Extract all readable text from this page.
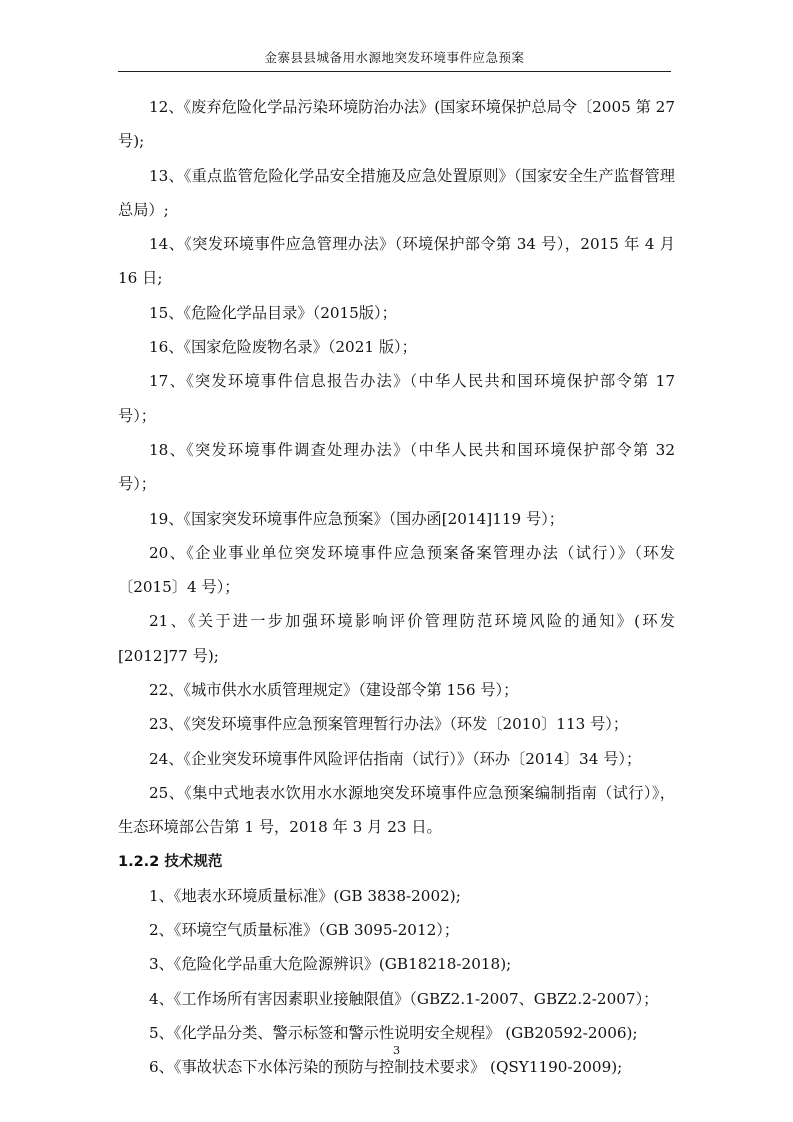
金寨县县城备用水源地突发环境事件应急预案

12、《废弃危险化学品污染环境防治办法》(国家环境保护总局令〔2005 第 27 号);

13、《重点监管危险化学品安全措施及应急处置原则》（国家安全生产监督管理总局）;

14、《突发环境事件应急管理办法》（环境保护部令第 34 号），2015 年 4 月 16 日;

15、《危险化学品目录》（2015版）；

16、《国家危险废物名录》（2021 版）；

17、《突发环境事件信息报告办法》（中华人民共和国环境保护部令第 17 号）；

18、《突发环境事件调查处理办法》（中华人民共和国环境保护部令第 32 号）；

19、《国家突发环境事件应急预案》（国办函[2014]119 号）；

20、《企业事业单位突发环境事件应急预案备案管理办法（试行）》（环发〔2015〕4 号）；

21、《关于进一步加强环境影响评价管理防范环境风险的通知》(环发[2012]77 号);

22、《城市供水水质管理规定》（建设部令第 156 号）；

23、《突发环境事件应急预案管理暂行办法》（环发〔2010〕113 号）；

24、《企业突发环境事件风险评估指南（试行）》（环办〔2014〕34 号）；

25、《集中式地表水饮用水水源地突发环境事件应急预案编制指南（试行）》，生态环境部公告第 1 号，2018 年 3 月 23 日。

1.2.2 技术规范

1、《地表水环境质量标准》(GB 3838-2002);

2、《环境空气质量标准》（GB 3095-2012）；

3、《危险化学品重大危险源辨识》(GB18218-2018);

4、《工作场所有害因素职业接触限值》（GBZ2.1-2007、GBZ2.2-2007）；

5、《化学品分类、警示标签和警示性说明安全规程》 (GB20592-2006);

6、《事故状态下水体污染的预防与控制技术要求》 (QSY1190-2009);

3
